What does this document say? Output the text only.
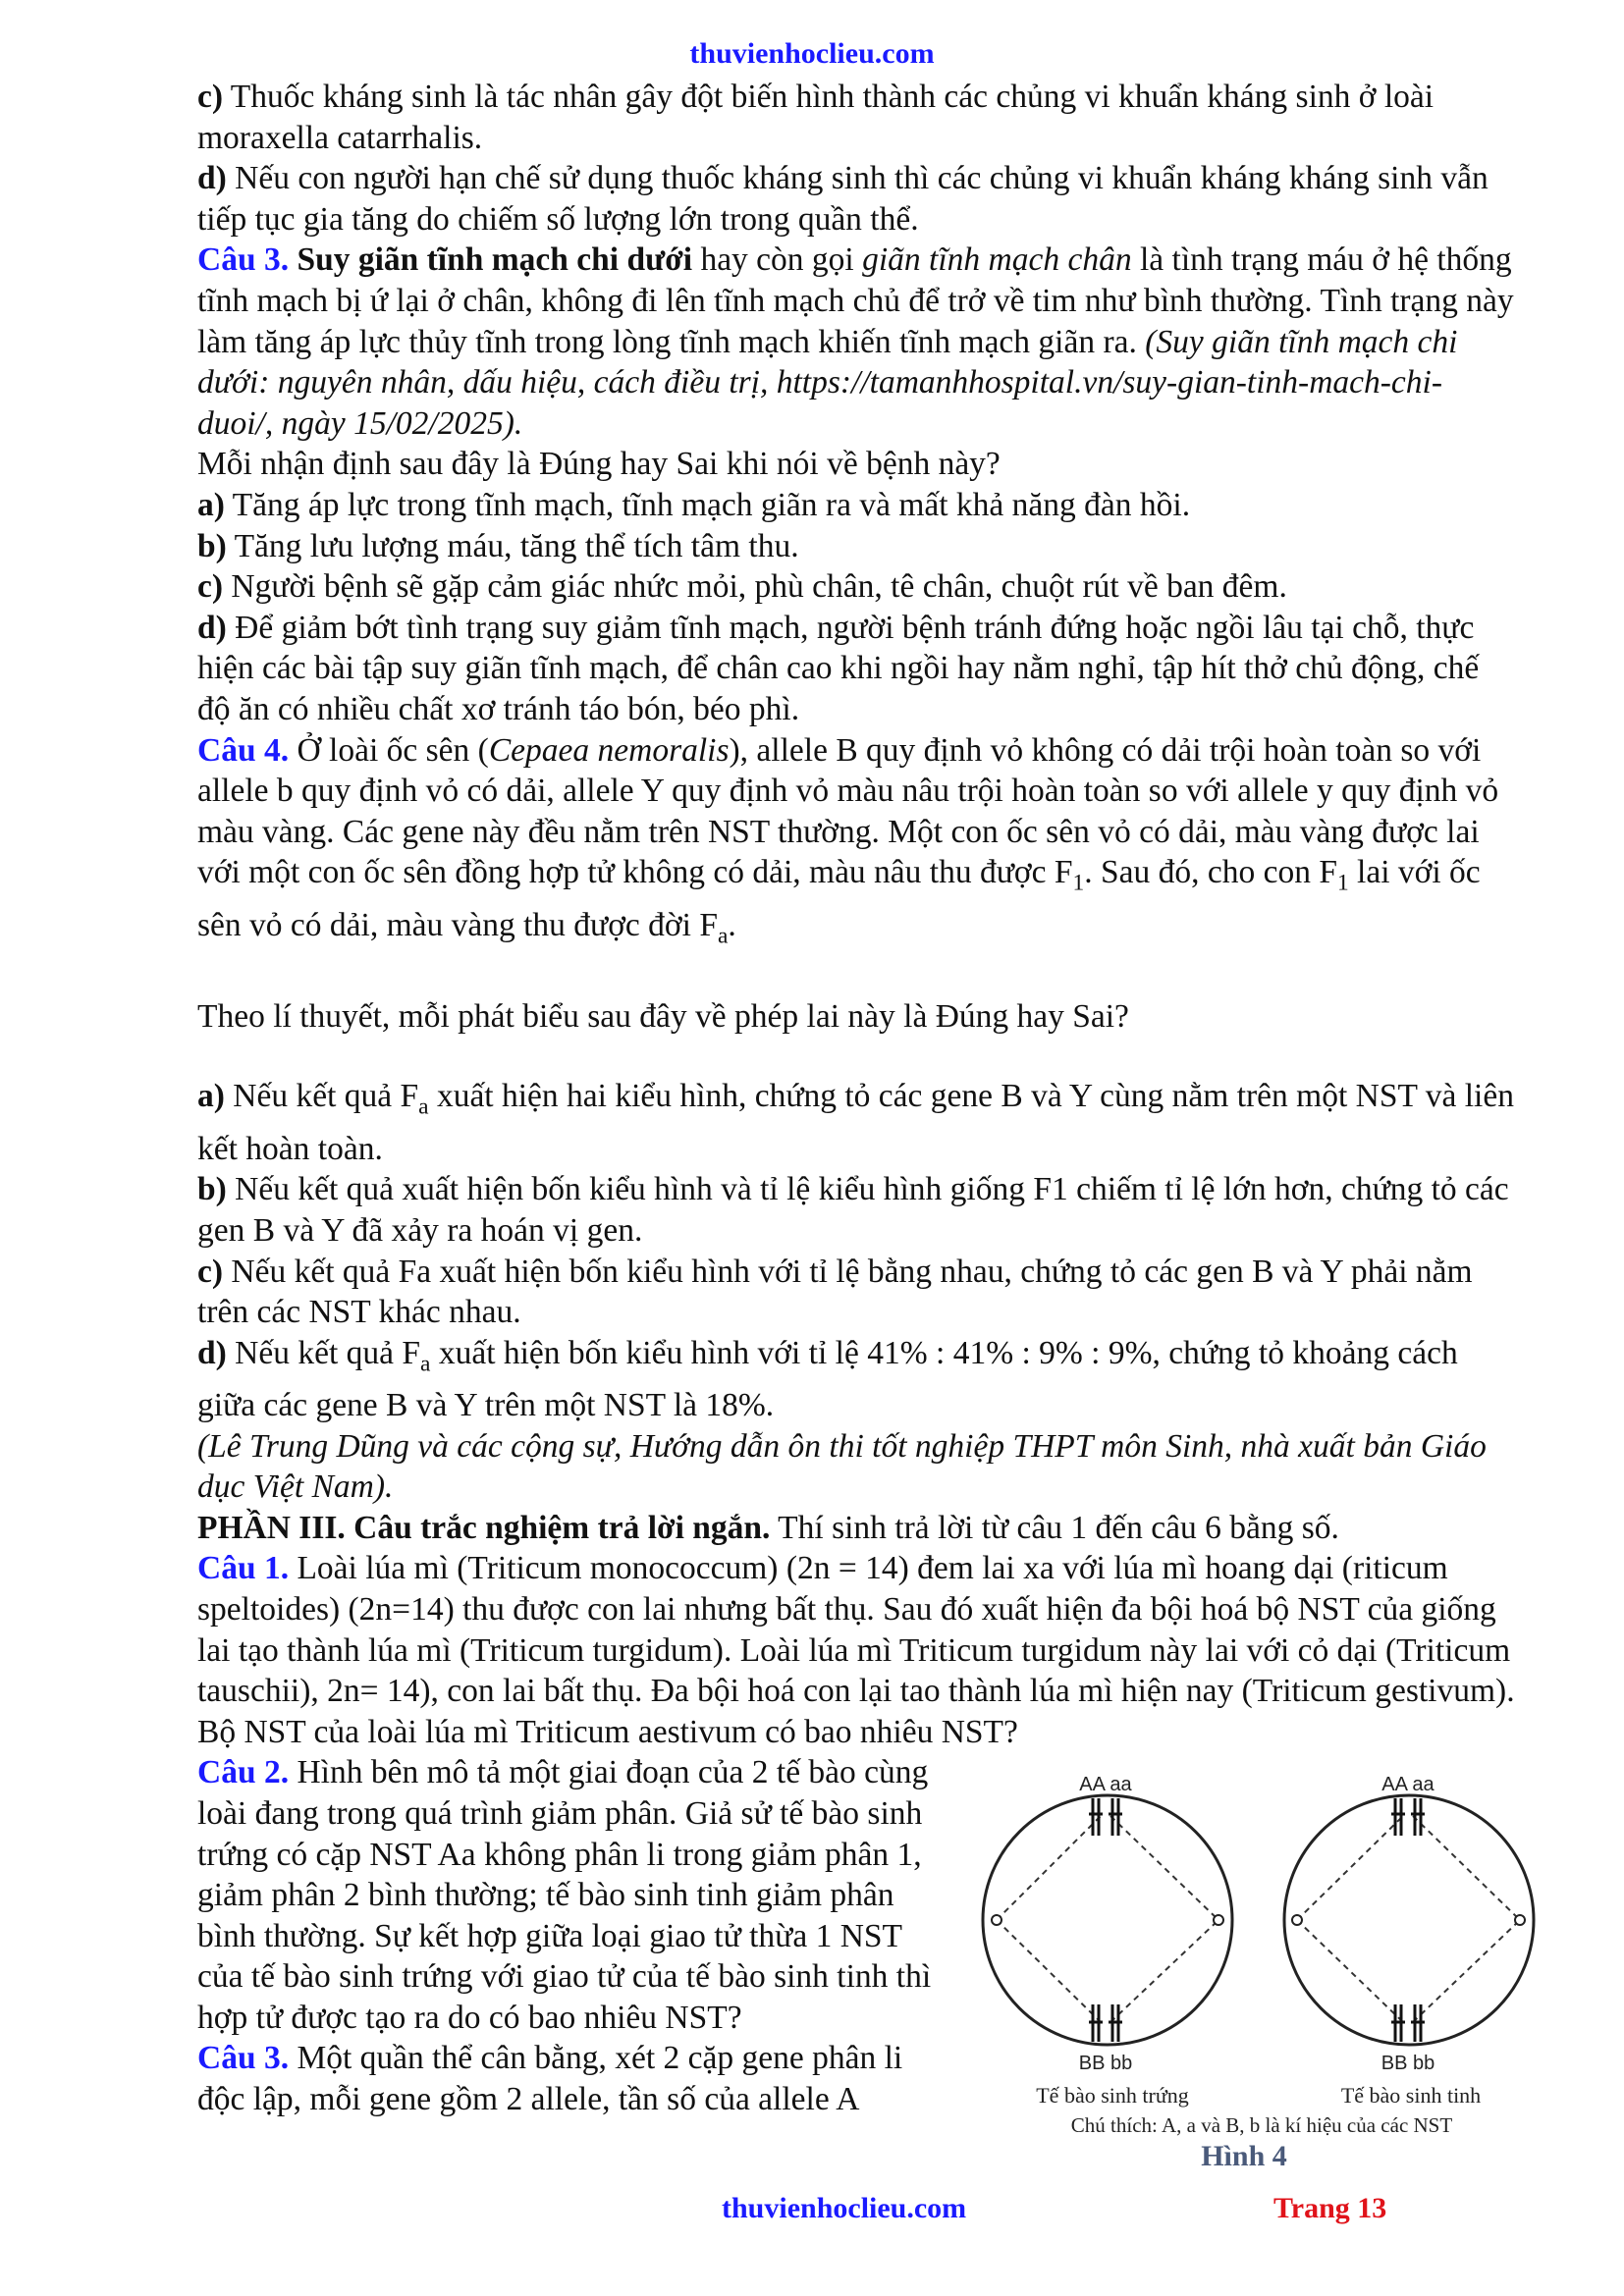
thuvienhoclieu.com

c) Thuốc kháng sinh là tác nhân gây đột biến hình thành các chủng vi khuẩn kháng sinh ở loài moraxella catarrhalis.

d) Nếu con người hạn chế sử dụng thuốc kháng sinh thì các chủng vi khuẩn kháng kháng sinh vẫn tiếp tục gia tăng do chiếm số lượng lớn trong quần thể.

Câu 3. Suy giãn tĩnh mạch chi dưới hay còn gọi giãn tĩnh mạch chân là tình trạng máu ở hệ thống tĩnh mạch bị ứ lại ở chân, không đi lên tĩnh mạch chủ để trở về tim như bình thường. Tình trạng này làm tăng áp lực thủy tĩnh trong lòng tĩnh mạch khiến tĩnh mạch giãn ra. (Suy giãn tĩnh mạch chi dưới: nguyên nhân, dấu hiệu, cách điều trị, https://tamanhhospital.vn/suy-gian-tinh-mach-chi-duoi/, ngày 15/02/2025).

Mỗi nhận định sau đây là Đúng hay Sai khi nói về bệnh này?

a) Tăng áp lực trong tĩnh mạch, tĩnh mạch giãn ra và mất khả năng đàn hồi.

b) Tăng lưu lượng máu, tăng thể tích tâm thu.

c) Người bệnh sẽ gặp cảm giác nhức mỏi, phù chân, tê chân, chuột rút về ban đêm.

d) Để giảm bớt tình trạng suy giảm tĩnh mạch, người bệnh tránh đứng hoặc ngồi lâu tại chỗ, thực hiện các bài tập suy giãn tĩnh mạch, để chân cao khi ngồi hay nằm nghỉ, tập hít thở chủ động, chế độ ăn có nhiều chất xơ tránh táo bón, béo phì.

Câu 4. Ở loài ốc sên (Cepaea nemoralis), allele B quy định vỏ không có dải trội hoàn toàn so với allele b quy định vỏ có dải, allele Y quy định vỏ màu nâu trội hoàn toàn so với allele y quy định vỏ màu vàng. Các gene này đều nằm trên NST thường. Một con ốc sên vỏ có dải, màu vàng được lai với một con ốc sên đồng hợp tử không có dải, màu nâu thu được $F_1$. Sau đó, cho con $F_1$ lai với ốc sên vỏ có dải, màu vàng thu được đời $F_a$.

Theo lí thuyết, mỗi phát biểu sau đây về phép lai này là Đúng hay Sai?

a) Nếu kết quả $F_a$ xuất hiện hai kiểu hình, chứng tỏ các gene B và Y cùng nằm trên một NST và liên kết hoàn toàn.

b) Nếu kết quả xuất hiện bốn kiểu hình và tỉ lệ kiểu hình giống F1 chiếm tỉ lệ lớn hơn, chứng tỏ các gen B và Y đã xảy ra hoán vị gen.

c) Nếu kết quả Fa xuất hiện bốn kiểu hình với tỉ lệ bằng nhau, chứng tỏ các gen B và Y phải nằm trên các NST khác nhau.

d) Nếu kết quả $F_a$ xuất hiện bốn kiểu hình với tỉ lệ 41% : 41% : 9% : 9%, chứng tỏ khoảng cách giữa các gene B và Y trên một NST là 18%.

(Lê Trung Dũng và các cộng sự, Hướng dẫn ôn thi tốt nghiệp THPT môn Sinh, nhà xuất bản Giáo dục Việt Nam).

PHẦN III. Câu trắc nghiệm trả lời ngắn. Thí sinh trả lời từ câu 1 đến câu 6 bằng số.

Câu 1. Loài lúa mì (Triticum monococcum) (2n = 14) đem lai xa với lúa mì hoang dại (riticum speltoides) (2n=14) thu được con lai nhưng bất thụ. Sau đó xuất hiện đa bội hoá bộ NST của giống lai tạo thành lúa mì (Triticum turgidum). Loài lúa mì Triticum turgidum này lai với cỏ dại (Triticum tauschii), 2n= 14), con lai bất thụ. Đa bội hoá con lại tao thành lúa mì hiện nay (Triticum gestivum). Bộ NST của loài lúa mì Triticum aestivum có bao nhiêu NST?

Câu 2. Hình bên mô tả một giai đoạn của 2 tế bào cùng loài đang trong quá trình giảm phân. Giả sử tế bào sinh trứng có cặp NST Aa không phân li trong giảm phân 1, giảm phân 2 bình thường; tế bào sinh tinh giảm phân bình thường. Sự kết hợp giữa loại giao tử thừa 1 NST của tế bào sinh trứng với giao tử của tế bào sinh tinh thì hợp tử được tạo ra do có bao nhiêu NST?

Câu 3. Một quần thể cân bằng, xét 2 cặp gene phân li độc lập, mỗi gene gồm 2 allele, tần số của allele A

AA aa
BB bb
AA aa
BB bb
Tế bào sinh trứng	Tế bào sinh tinh
Chú thích: A, a và B, b là kí hiệu của các NST
Hình 4
thuvienhoclieu.com	Trang 13
